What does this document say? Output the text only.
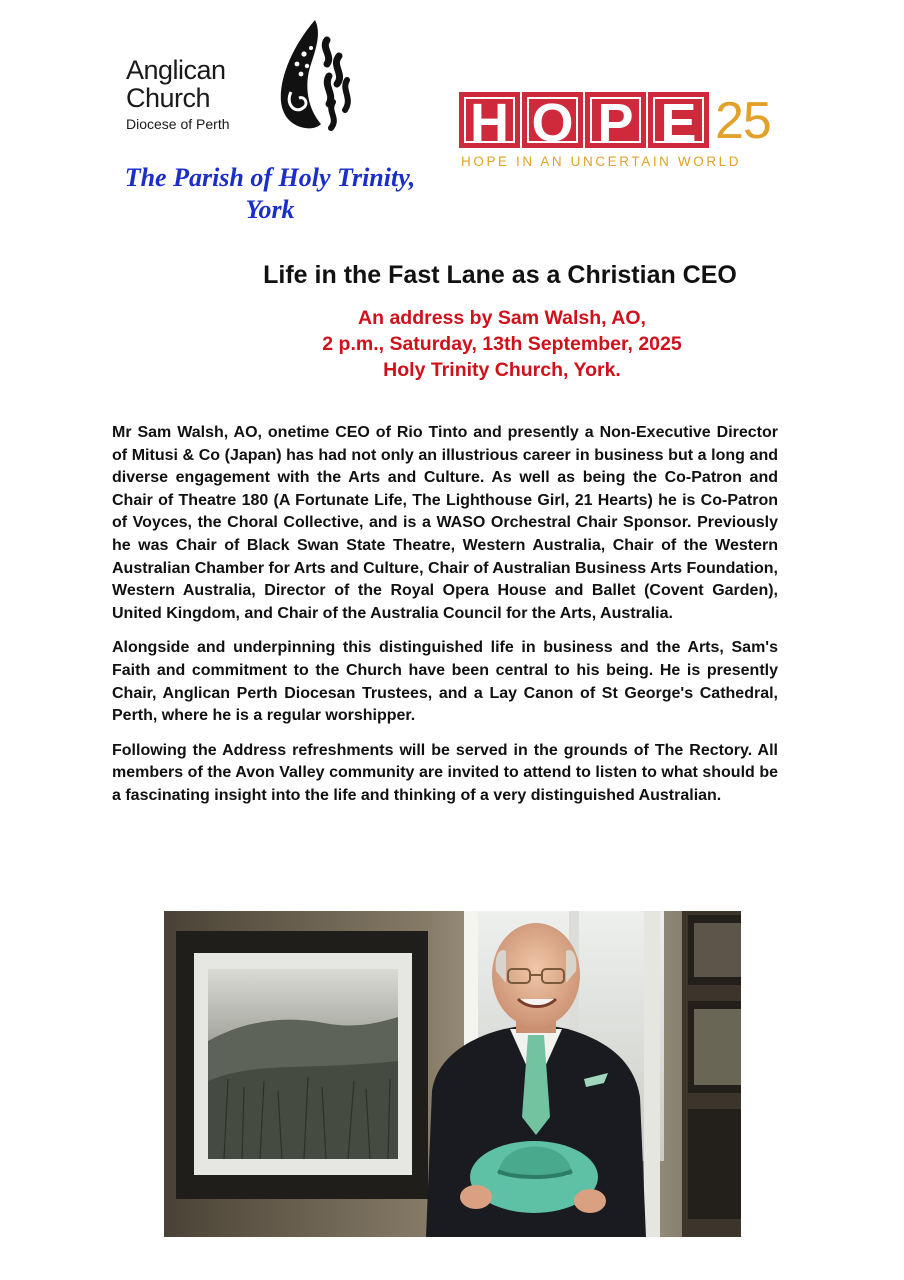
Anglican
Church
Diocese of Perth	H O P E 25
HOPE IN AN UNCERTAIN WORLD
The Parish of Holy Trinity,
York
Life in the Fast Lane as a Christian CEO
An address by Sam Walsh, AO,
2 p.m., Saturday, 13th September, 2025
Holy Trinity Church, York.

Mr Sam Walsh, AO, onetime CEO of Rio Tinto and presently a Non-Executive Director of Mitusi & Co (Japan) has had not only an illustrious career in business but a long and diverse engagement with the Arts and Culture. As well as being the Co-Patron and Chair of Theatre 180 (A Fortunate Life, The Lighthouse Girl, 21 Hearts) he is Co-Patron of Voyces, the Choral Collective, and is a WASO Orchestral Chair Sponsor. Previously he was Chair of Black Swan State Theatre, Western Australia, Chair of the Western Australian Chamber for Arts and Culture, Chair of Australian Business Arts Foundation, Western Australia, Director of the Royal Opera House and Ballet (Covent Garden), United Kingdom, and Chair of the Australia Council for the Arts, Australia.

Alongside and underpinning this distinguished life in business and the Arts, Sam's Faith and commitment to the Church have been central to his being. He is presently Chair, Anglican Perth Diocesan Trustees, and a Lay Canon of St George's Cathedral, Perth, where he is a regular worshipper.

Following the Address refreshments will be served in the grounds of The Rectory. All members of the Avon Valley community are invited to attend to listen to what should be a fascinating insight into the life and thinking of a very distinguished Australian.
